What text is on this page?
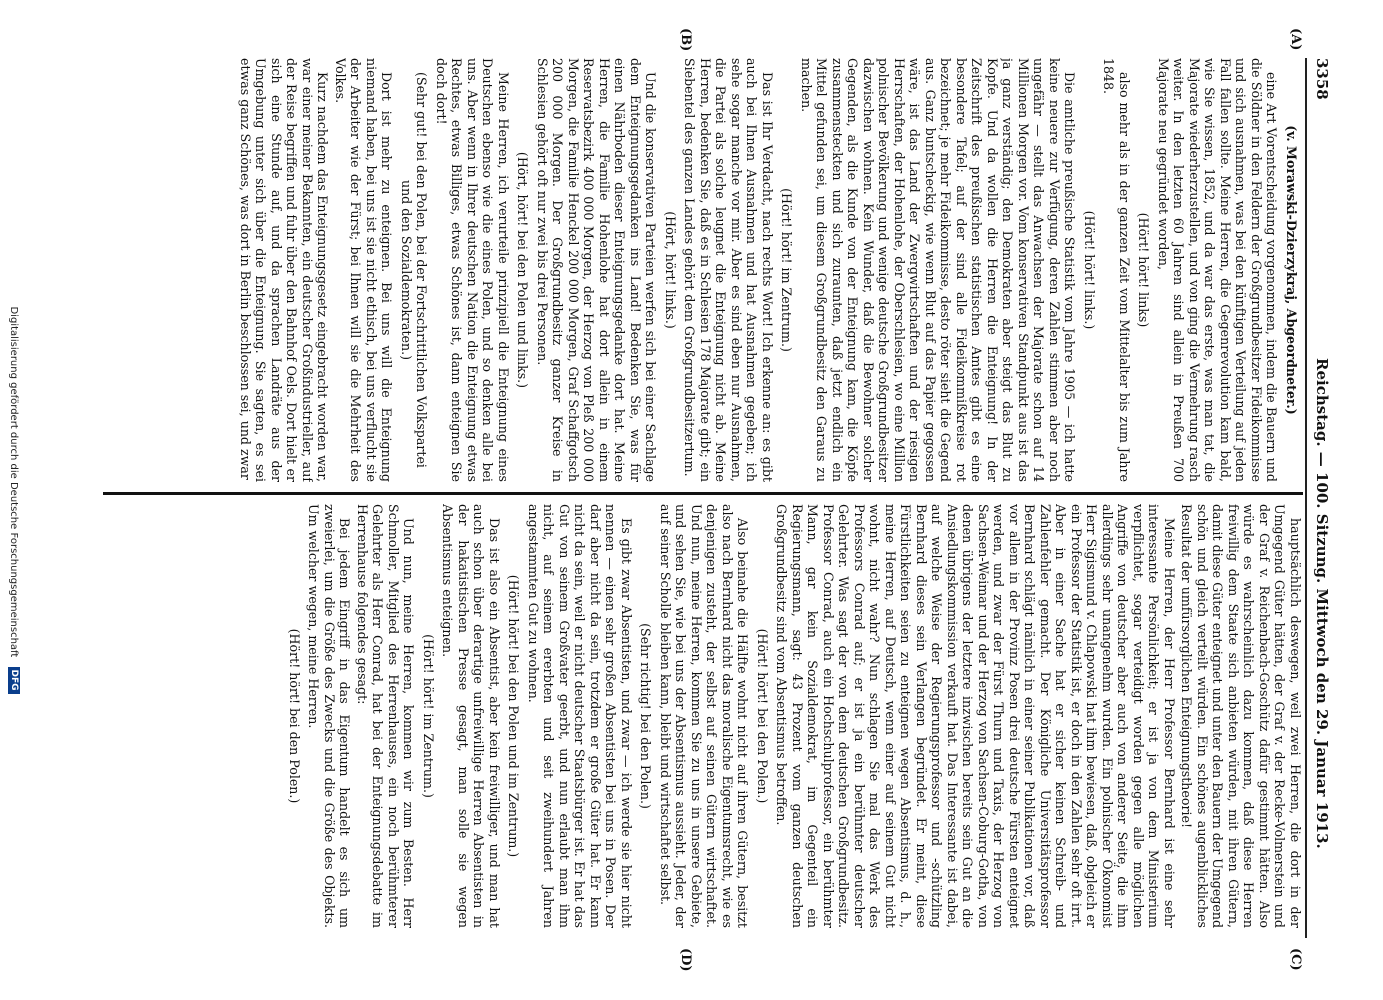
3358
Reichstag. — 100. Sitzung. Mittwoch den 29. Januar 1913.
(A)
(B)
(C)
(D)

(v. Morawski-Dzierzykraj, Abgeordneter.)

eine Art Vorentscheidung vorgenommen, indem die Bauern und die Söldner in den Feldern der Großgrundbesitzer Fideikommisse und sich ausnahmen, was bei den künftigen Verteilung auf jeden Fall fallen sollte. Meine Herren, die Gegenrevolution kam bald, wie Sie wissen, 1852, und da war das erste, was man tat, die Majorate wiederherzustellen, und von ging die Vermehrung rasch weiter. In den letzten 60 Jahren sind allein in Preußen 700 Majorate neu gegründet worden,

(Hört! hört! links)

also mehr als in der ganzen Zeit vom Mittelalter bis zum Jahre 1848.

(Hört! hört! links.)

Die amtliche preußische Statistik vom Jahre 1905 — ich hatte keine neuere zur Verfügung, deren Zahlen stimmen aber noch ungefähr — stellt das Anwachsen der Majorate schon auf 14 Millionen Morgen vor. Vom konservativen Standpunkt aus ist das ja ganz verständig; den Demokraten aber steigt das Blut zu Kopfe. Und da wollen die Herren die Enteignung! In der Zeitschrift des preußischen statistischen Amtes gibt es eine besondere Tafel; auf der sind alle Fideikommißkreise rot bezeichnet; je mehr Fideikommisse, desto röter sieht die Gegend aus. Ganz buntscheckig, wie wenn Blut auf das Papier gegossen wäre, ist das Land der Zwergwirtschaften und der riesigen Herrschaften, der Hohenlohe, der Oberschlesien, wo eine Million polnischer Bevölkerung und wenige deutsche Großgrundbesitzer dazwischen wohnen. Kein Wunder, daß die Bewohner solcher Gegenden, als die Kunde von der Enteignung kam, die Köpfe zusammensteckten und sich zuraunten, daß jetzt endlich ein Mittel gefunden sei, um diesem Großgrundbesitz den Garaus zu machen.

(Hört! hört! im Zentrum.)

Das ist Ihr Verdacht, nach rechts Wort! Ich erkenne an: es gibt auch bei Ihnen Ausnahmen und hat Ausnahmen gegeben; ich sehe sogar manche vor mir. Aber es sind eben nur Ausnahmen, die Partei als solche leugnet die Enteignung nicht ab. Meine Herren, bedenken Sie, daß es in Schlesien 178 Majorate gibt; ein Siebentel des ganzen Landes gehört dem Großgrundbesitzertum.

(Hört, hört! links.)

Und die konservativen Parteien werfen sich bei einer Sachlage dem Enteignungsgedanken ins Land! Bedenken Sie, was für einen Nährboden dieser Enteignungsgedanke dort hat. Meine Herren, die Familie Hohenlohe hat dort allein in einem Reservatsbezirk 400 000 Morgen, der Herzog von Pleß 200 000 Morgen, die Familie Henckel 200 000 Morgen, Graf Schaffgotsch 200 000 Morgen. Der Großgrundbesitz ganzer Kreise in Schlesien gehört oft nur zwei bis drei Personen.

(Hört, hört! bei den Polen und links.)

Meine Herren, ich verurteile prinzipiell die Enteignung eines Deutschen ebenso wie die eines Polen, und so denken alle bei uns. Aber wenn in Ihrer deutschen Nation die Enteignung etwas Rechtes, etwas Billiges, etwas Schönes ist, dann enteignen Sie doch dort!

(Sehr gut! bei den Polen, bei der Fortschrittlichen Volkspartei und den Sozialdemokraten.)

Dort ist mehr zu enteignen. Bei uns will die Enteignung niemand haben, bei uns ist sie nicht ethisch, bei uns verflucht sie der Arbeiter wie der Fürst; bei Ihnen will sie die Mehrheit des Volkes.

Kurz nachdem das Enteignungsgesetz eingebracht worden war, war einer meiner Bekannten, ein deutscher Großindustrieller, auf der Reise begriffen und fuhr über den Bahnhof Oels. Dort hielt er sich eine Stunde auf, und da sprachen Landräte aus der Umgebung unter sich über die Enteignung. Sie sagten, es sei etwas ganz Schönes, was dort in Berlin beschlossen sei, und zwar

hauptsächlich deswegen, weil zwei Herren, die dort in der Umgegend Güter hätten, der Graf v. der Recke-Volmerstein und der Graf v. Reichenbach-Goschütz dafür gestimmt hätten. Also würde es wahrscheinlich dazu kommen, daß diese Herren freiwillig dem Staate sich anbieten würden, mit ihren Gütern, damit diese Güter enteignet und unter den Bauern der Umgegend schön und gleich verteilt würden. Ein schönes augenblickliches Resultat der umfürsorglichen Enteignungstheorie!

Meine Herren, der Herr Professor Bernhard ist eine sehr interessante Persönlichkeit; er ist ja von dem Ministerium verpflichtet, sogar verteidigt worden gegen alle möglichen Angriffe von deutscher aber auch von anderer Seite, die ihm allerdings sehr unangenehm wurden. Ein polnischer Ökonomist Herr Sigismund v. Chlapowski hat ihm bewiesen, daß, obgleich er ein Professor der Statistik ist, er doch in den Zahlen sehr oft irrt. Aber in einer Sache hat er sicher keinen Schreib- und Zahlenfehler gemacht. Der Königliche Universitätsprofessor Bernhard schlägt nämlich in einer seiner Publikationen vor, daß vor allem in der Provinz Posen drei deutsche Fürsten enteignet werden, und zwar der Fürst Thurn und Taxis, der Herzog von Sachsen-Weimar und der Herzog von Sachsen-Coburg-Gotha, von denen übrigens der letztere inzwischen bereits sein Gut an die Ansiedlungskommission verkauft hat. Das Interessante ist dabei, auf welche Weise der Regierungsprofessor und -schützling Bernhard dieses sein Verlangen begründet. Er meint, diese Fürstlichkeiten seien zu enteignen wegen Absentismus, d. h., meine Herren, auf Deutsch, wenn einer auf seinem Gut nicht wohnt, nicht wahr? Nun schlagen Sie mal das Werk des Professors Conrad auf; er ist ja ein berühmter deutscher Gelehrter. Was sagt der von dem deutschen Großgrundbesitz. Professor Conrad, auch ein Hochschulprofessor, ein berühmter Mann, gar kein Sozialdemokrat, im Gegenteil ein Regierungsmann, sagt: 43 Prozent vom ganzen deutschen Großgrundbesitz sind vom Absentismus betroffen.

(Hört! hört! bei den Polen.)

Also beinahe die Hälfte wohnt nicht auf ihren Gütern, besitzt also nach Bernhard nicht das moralische Eigentumsrecht, wie es denjenigen zusteht, der selbst auf seinen Gütern wirtschaftet. Und nun, meine Herren, kommen Sie zu uns in unsere Gebiete, und sehen Sie, wie bei uns der Absentismus aussieht. Jeder, der auf seiner Scholle bleiben kann, bleibt und wirtschaftet selbst.

(Sehr richtig! bei den Polen.)

Es gibt zwar Absentisten, und zwar — ich werde sie hier nicht nennen — einen sehr großen Absentisten bei uns in Posen. Der darf aber nicht da sein, trotzdem er große Güter hat. Er kann nicht da sein, weil er nicht deutscher Staatsbürger ist. Er hat das Gut von seinem Großvater geerbt, und nun erlaubt man ihm nicht, auf seinem ererbten und seit zweihundert Jahren angestammten Gut zu wohnen.

(Hört! hört! bei den Polen und im Zentrum.)

Das ist also ein Absentist, aber kein freiwilliger, und man hat auch schon über derartige unfreiwillige Herren Absentisten in der hakatistischen Presse gesagt, man solle sie wegen Absentismus enteignen.

(Hört! hört! im Zentrum.)

Und nun, meine Herren, kommen wir zum Besten. Herr Schmoller, Mitglied des Herrenhauses, ein noch berühmterer Gelehrter als Herr Conrad, hat bei der Enteignungsdebatte im Herrenhause folgendes gesagt:

Bei jedem Eingriff in das Eigentum handelt es sich um zweierlei, um die Größe des Zwecks und die Größe des Objekts. Um welcher wegen, meine Herren.

(Hört! hört! bei den Polen.)

Digitalisierung gefördert durch die Deutsche Forschungsgemeinschaft DFG
